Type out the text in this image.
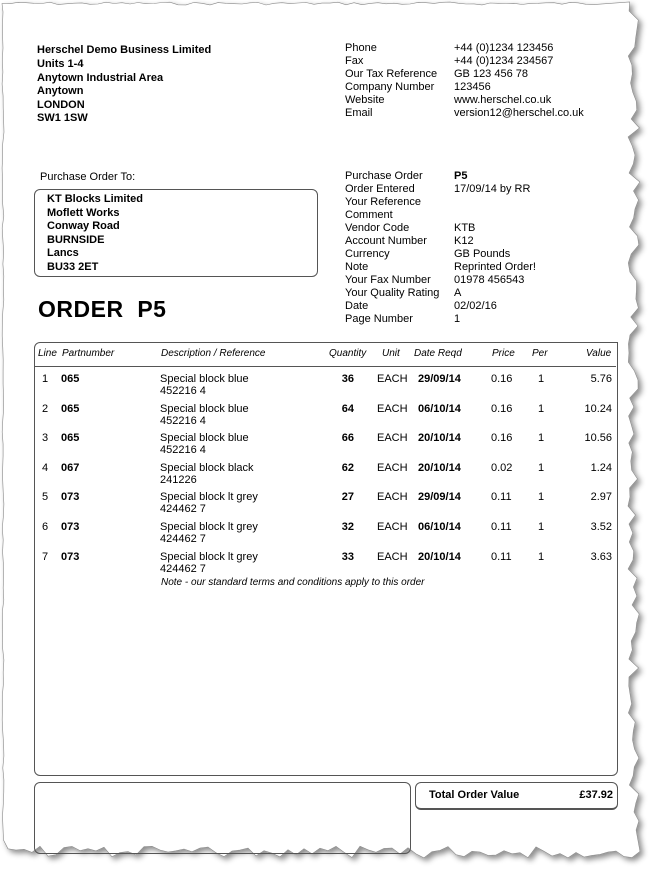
Herschel Demo Business Limited
Units 1-4
Anytown Industrial Area
Anytown
LONDON
SW1 1SW
Phone	+44 (0)1234 123456
Fax	+44 (0)1234 234567
Our Tax Reference GB 123 456 78
Company Number 123456
Website	www.herschel.co.uk
Email	version12@herschel.co.uk
Purchase Order To:
KT Blocks Limited
Moflett Works
Conway Road
BURNSIDE
Lancs
BU33 2ET
ORDER  P5
Purchase Order	P5
Order Entered	17/09/14 by RR
Your Reference
Comment
Vendor Code	KTB
Account Number K12
Currency	GB Pounds
Note	Reprinted Order!
Your Fax Number 01978 456543
Your Quality Rating A
Date	02/02/16
Page Number	1
Line Partnumber	Description / Reference	Quantity Unit Date Reqd	Price Per	Value
1 065	Special block blue
452216 4
36 EACH 29/09/14	0.16 1	5.76
2 065	Special block blue
452216 4
64 EACH 06/10/14	0.16 1	10.24
3 065	Special block blue
452216 4
66 EACH 20/10/14	0.16 1	10.56
4 067	Special block black
241226
62 EACH 20/10/14	0.02 1	1.24
5 073	Special block lt grey
424462 7
27 EACH 29/09/14	0.11 1	2.97
6 073	Special block lt grey
424462 7
32 EACH 06/10/14	0.11 1	3.52
7 073	Special block lt grey
424462 7
33 EACH 20/10/14	0.11 1	3.63
Note - our standard terms and conditions apply to this order
Total Order Value	£37.92
